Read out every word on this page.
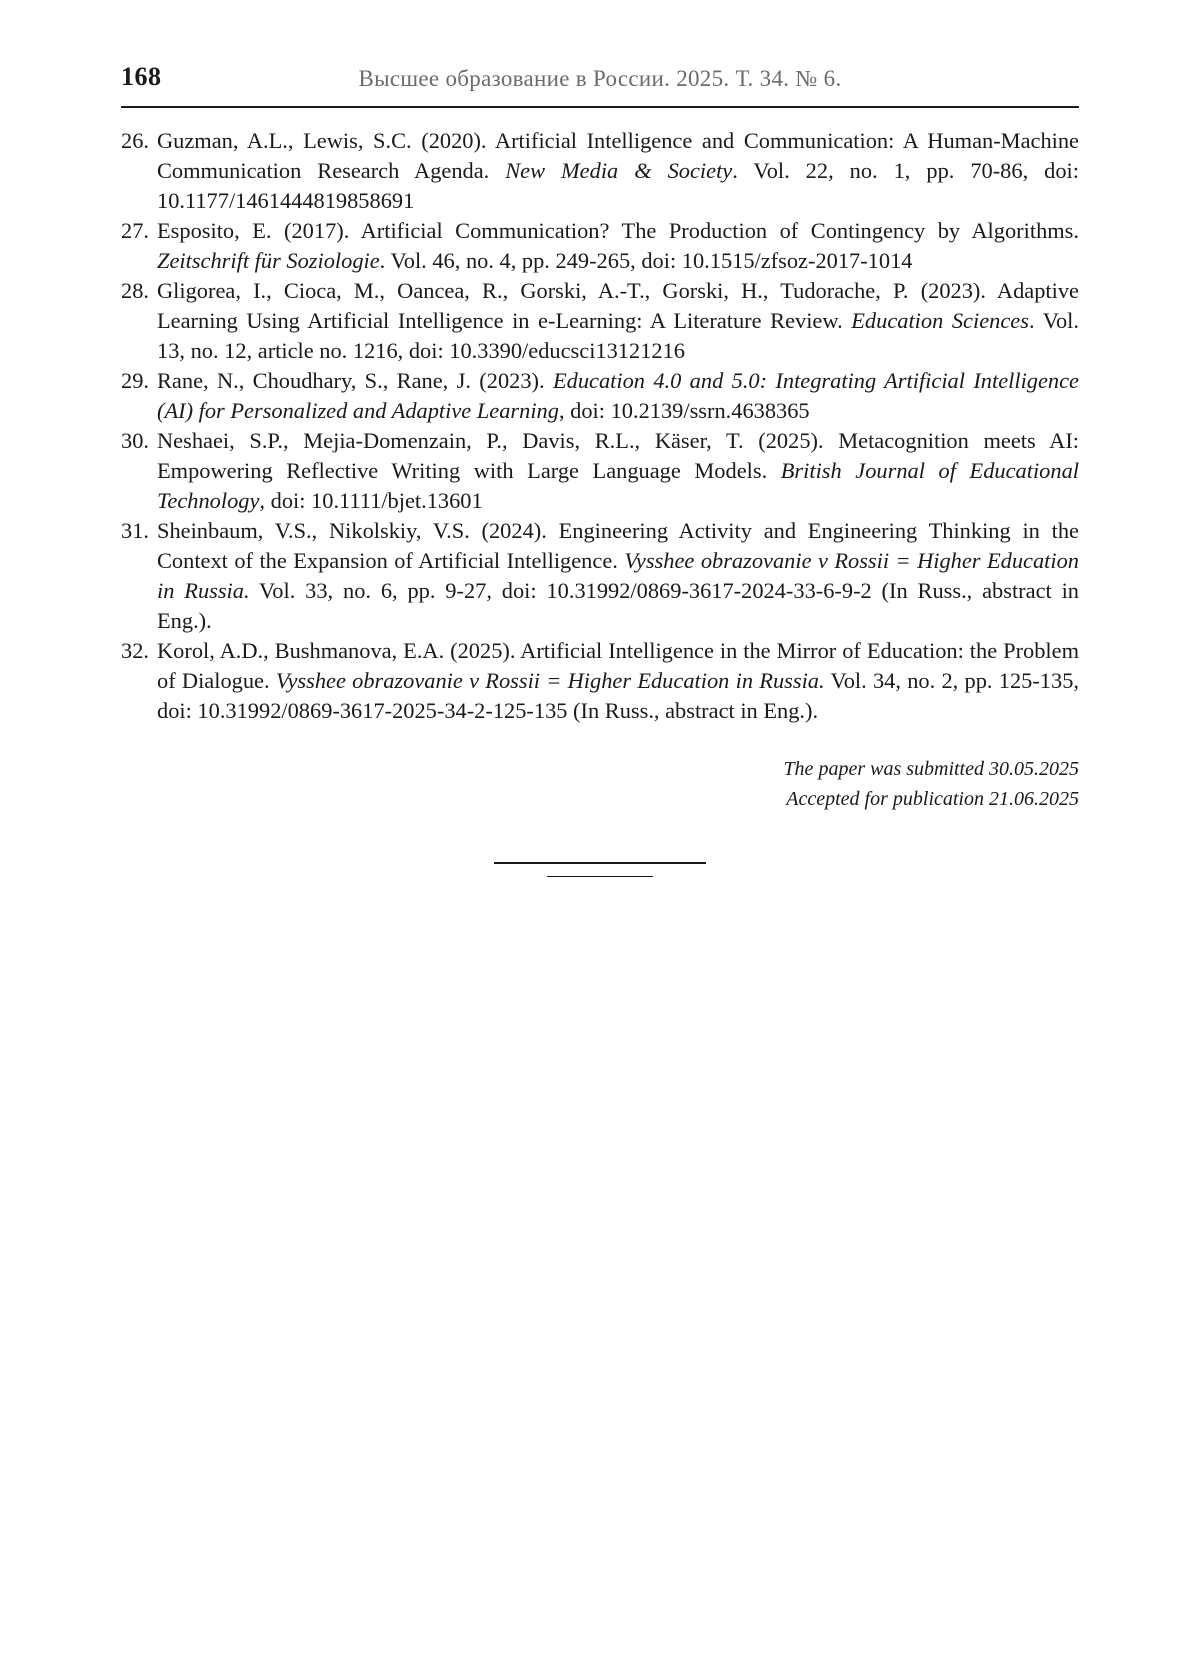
168	Высшее образование в России. 2025. Т. 34. № 6.
26. Guzman, A.L., Lewis, S.C. (2020). Artificial Intelligence and Communication: A Human-Machine Communication Research Agenda. New Media & Society. Vol. 22, no. 1, pp. 70-86, doi: 10.1177/1461444819858691
27. Esposito, E. (2017). Artificial Communication? The Production of Contingency by Algorithms. Zeitschrift für Soziologie. Vol. 46, no. 4, pp. 249-265, doi: 10.1515/zfsoz-2017-1014
28. Gligorea, I., Cioca, M., Oancea, R., Gorski, A.-T., Gorski, H., Tudorache, P. (2023). Adaptive Learning Using Artificial Intelligence in e-Learning: A Literature Review. Education Sciences. Vol. 13, no. 12, article no. 1216, doi: 10.3390/educsci13121216
29. Rane, N., Choudhary, S., Rane, J. (2023). Education 4.0 and 5.0: Integrating Artificial Intelligence (AI) for Personalized and Adaptive Learning, doi: 10.2139/ssrn.4638365
30. Neshaei, S.P., Mejia-Domenzain, P., Davis, R.L., Käser, T. (2025). Metacognition meets AI: Empowering Reflective Writing with Large Language Models. British Journal of Educational Technology, doi: 10.1111/bjet.13601
31. Sheinbaum, V.S., Nikolskiy, V.S. (2024). Engineering Activity and Engineering Thinking in the Context of the Expansion of Artificial Intelligence. Vysshee obrazovanie v Rossii = Higher Education in Russia. Vol. 33, no. 6, pp. 9-27, doi: 10.31992/0869-3617-2024-33-6-9-2 (In Russ., abstract in Eng.).
32. Korol, A.D., Bushmanova, E.A. (2025). Artificial Intelligence in the Mirror of Education: the Problem of Dialogue. Vysshee obrazovanie v Rossii = Higher Education in Russia. Vol. 34, no. 2, pp. 125-135, doi: 10.31992/0869-3617-2025-34-2-125-135 (In Russ., abstract in Eng.).
The paper was submitted 30.05.2025
Accepted for publication 21.06.2025
